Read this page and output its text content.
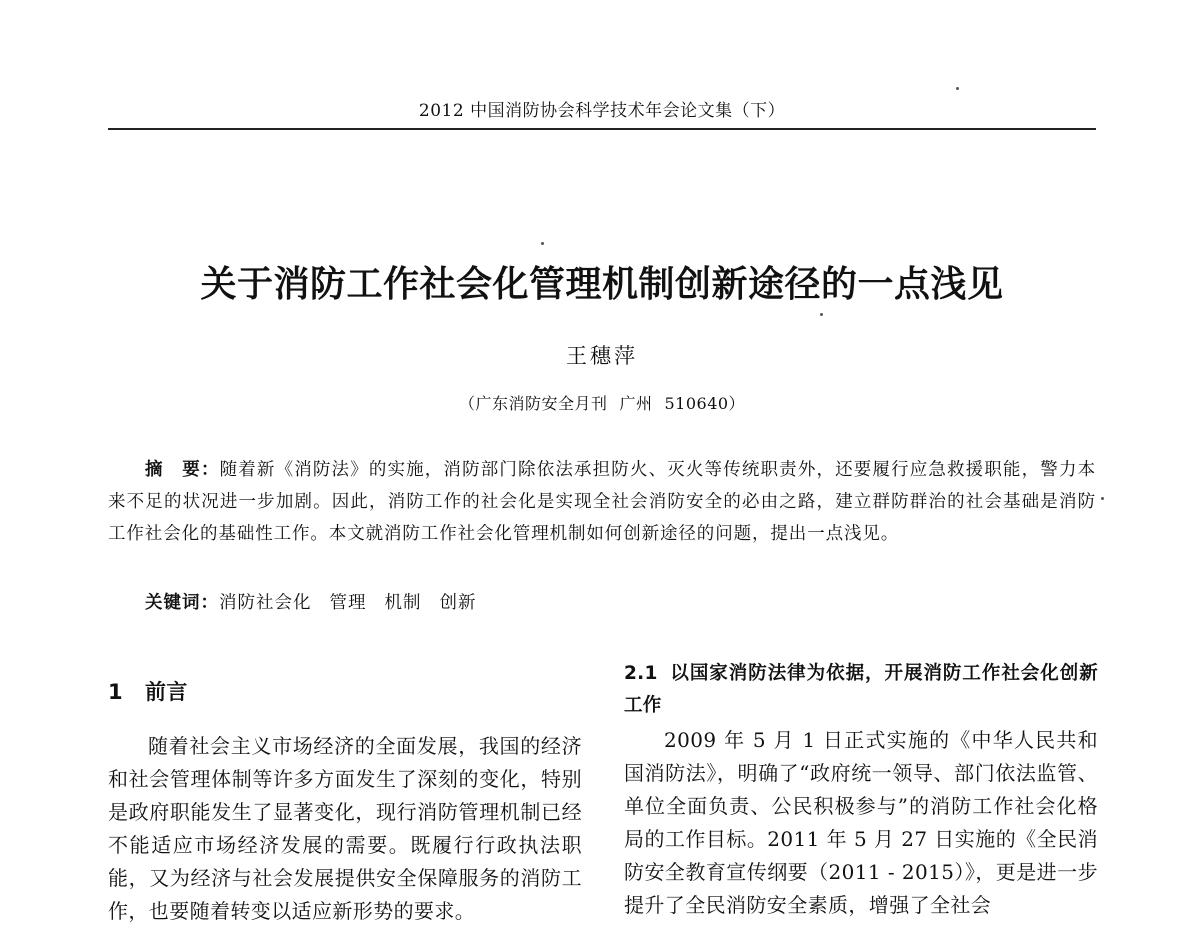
2012 中国消防协会科学技术年会论文集（下）
关于消防工作社会化管理机制创新途径的一点浅见
王穗萍
（广东消防安全月刊 广州 510640）
摘　要：随着新《消防法》的实施，消防部门除依法承担防火、灭火等传统职责外，还要履行应急救援职能，警力本来不足的状况进一步加剧。因此，消防工作的社会化是实现全社会消防安全的必由之路，建立群防群治的社会基础是消防工作社会化的基础性工作。本文就消防工作社会化管理机制如何创新途径的问题，提出一点浅见。
关键词：消防社会化 管理 机制 创新
1 前言

随着社会主义市场经济的全面发展，我国的经济和社会管理体制等许多方面发生了深刻的变化，特别是政府职能发生了显著变化，现行消防管理机制已经不能适应市场经济发展的需要。既履行行政执法职能，又为经济与社会发展提供安全保障服务的消防工作，也要随着转变以适应新形势的要求。

2.1 以国家消防法律为依据，开展消防工作社会化创新工作

2009 年 5 月 1 日正式实施的《中华人民共和国消防法》，明确了“政府统一领导、部门依法监管、单位全面负责、公民积极参与”的消防工作社会化格局的工作目标。2011 年 5 月 27 日实施的《全民消防安全教育宣传纲要（2011 - 2015）》，更是进一步提升了全民消防安全素质，增强了全社会
